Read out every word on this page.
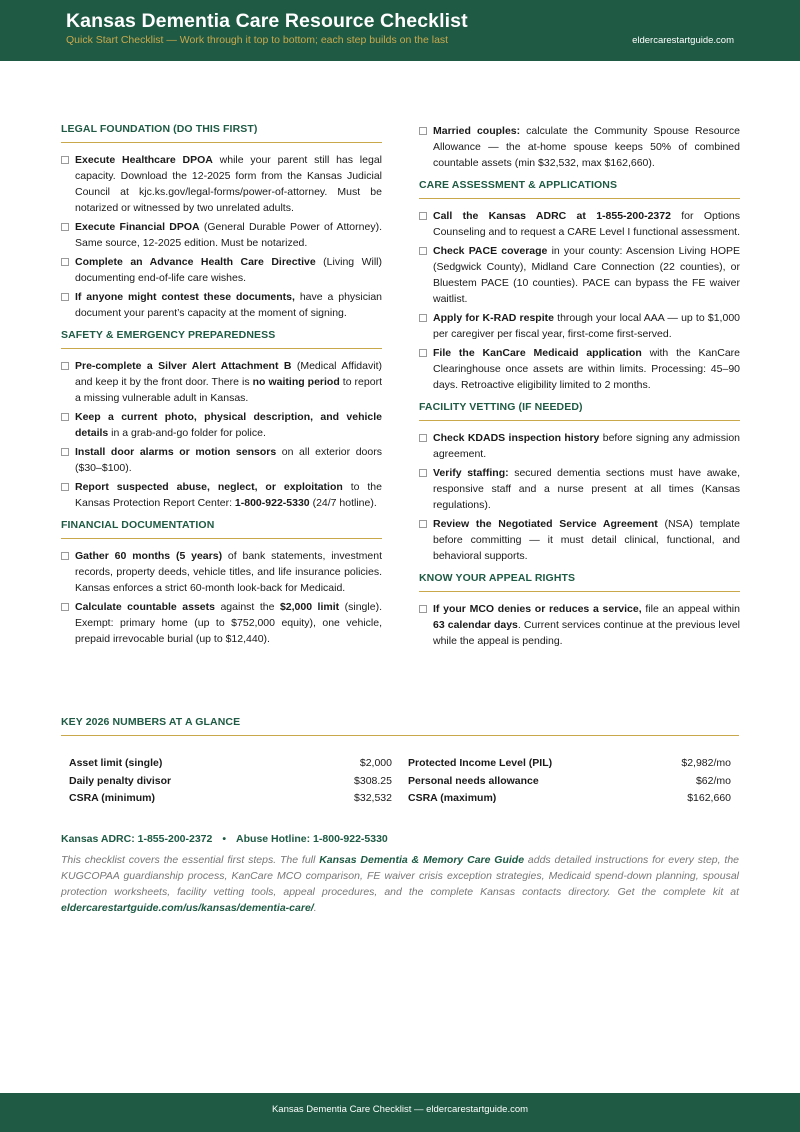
Kansas Dementia Care Resource Checklist
Quick Start Checklist — Work through it top to bottom; each step builds on the last	eldercarestartguide.com
LEGAL FOUNDATION (DO THIS FIRST)
Execute Healthcare DPOA while your parent still has legal capacity. Download the 12-2025 form from the Kansas Judicial Council at kjc.ks.gov/legal-forms/power-of-attorney. Must be notarized or witnessed by two unrelated adults.
Execute Financial DPOA (General Durable Power of Attorney). Same source, 12-2025 edition. Must be notarized.
Complete an Advance Health Care Directive (Living Will) documenting end-of-life care wishes.
If anyone might contest these documents, have a physician document your parent’s capacity at the moment of signing.
SAFETY & EMERGENCY PREPAREDNESS
Pre-complete a Silver Alert Attachment B (Medical Affidavit) and keep it by the front door. There is no waiting period to report a missing vulnerable adult in Kansas.
Keep a current photo, physical description, and vehicle details in a grab-and-go folder for police.
Install door alarms or motion sensors on all exterior doors ($30–$100).
Report suspected abuse, neglect, or exploitation to the Kansas Protection Report Center: 1-800-922-5330 (24/7 hotline).
FINANCIAL DOCUMENTATION
Gather 60 months (5 years) of bank statements, investment records, property deeds, vehicle titles, and life insurance policies. Kansas enforces a strict 60-month look-back for Medicaid.
Calculate countable assets against the $2,000 limit (single). Exempt: primary home (up to $752,000 equity), one vehicle, prepaid irrevocable burial (up to $12,440).
Married couples: calculate the Community Spouse Resource Allowance — the at-home spouse keeps 50% of combined countable assets (min $32,532, max $162,660).
CARE ASSESSMENT & APPLICATIONS
Call the Kansas ADRC at 1-855-200-2372 for Options Counseling and to request a CARE Level I functional assessment.
Check PACE coverage in your county: Ascension Living HOPE (Sedgwick County), Midland Care Connection (22 counties), or Bluestem PACE (10 counties). PACE can bypass the FE waiver waitlist.
Apply for K-RAD respite through your local AAA — up to $1,000 per caregiver per fiscal year, first-come first-served.
File the KanCare Medicaid application with the KanCare Clearinghouse once assets are within limits. Processing: 45–90 days. Retroactive eligibility limited to 2 months.
FACILITY VETTING (IF NEEDED)
Check KDADS inspection history before signing any admission agreement.
Verify staffing: secured dementia sections must have awake, responsive staff and a nurse present at all times (Kansas regulations).
Review the Negotiated Service Agreement (NSA) template before committing — it must detail clinical, functional, and behavioral supports.
KNOW YOUR APPEAL RIGHTS
If your MCO denies or reduces a service, file an appeal within 63 calendar days. Current services continue at the previous level while the appeal is pending.
KEY 2026 NUMBERS AT A GLANCE
Asset limit (single)	$2,000
Daily penalty divisor	$308.25
CSRA (minimum)	$32,532
Protected Income Level (PIL)	$2,982/mo
Personal needs allowance	$62/mo
CSRA (maximum)	$162,660
Kansas ADRC: 1-855-200-2372 • Abuse Hotline: 1-800-922-5330
This checklist covers the essential first steps. The full Kansas Dementia & Memory Care Guide adds detailed instructions for every step, the KUGCOPAA guardianship process, KanCare MCO comparison, FE waiver crisis exception strategies, Medicaid spend-down planning, spousal protection worksheets, facility vetting tools, appeal procedures, and the complete Kansas contacts directory. Get the complete kit at eldercarestartguide.com/us/kansas/dementia-care/.
Kansas Dementia Care Checklist — eldercarestartguide.com
